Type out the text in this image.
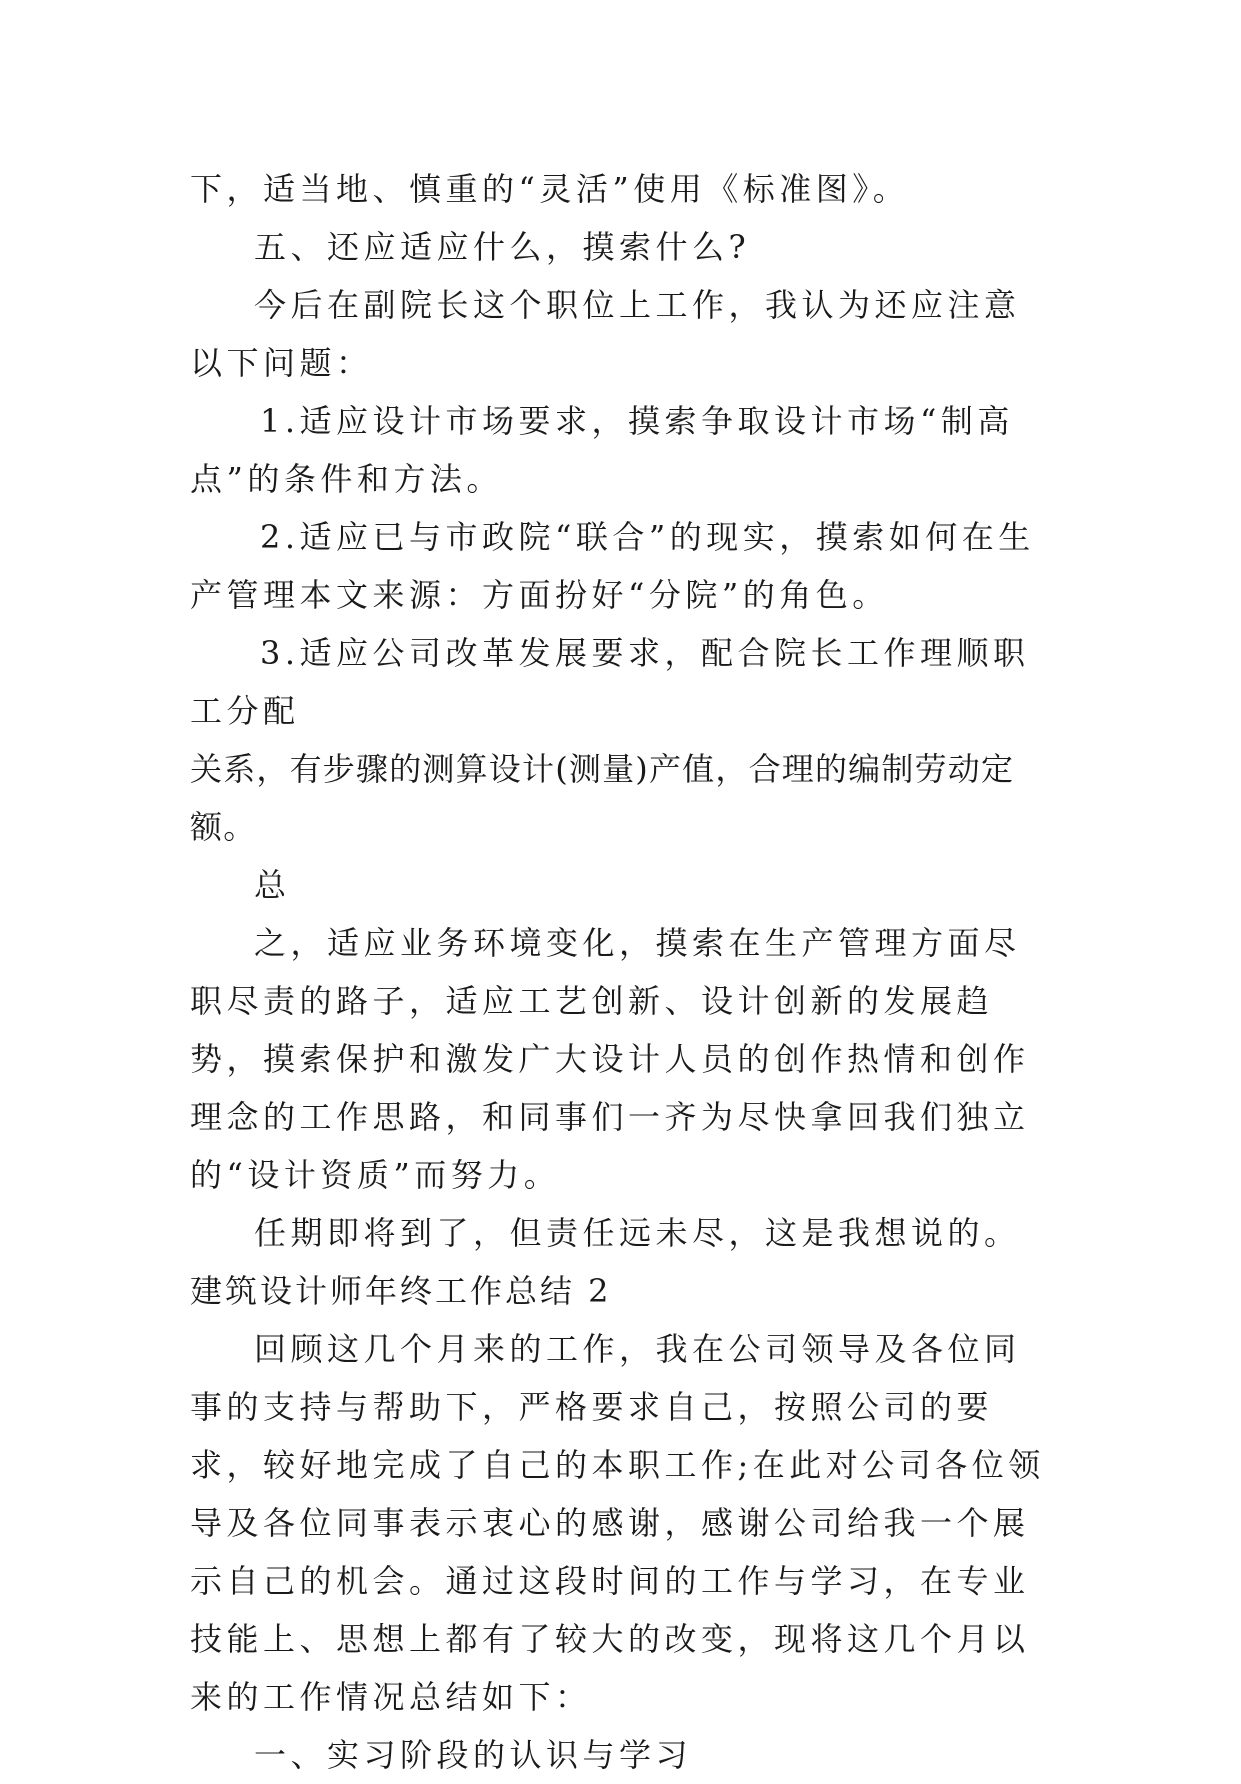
下，适当地、慎重的“灵活”使用《标准图》。

五、还应适应什么，摸索什么?

今后在副院长这个职位上工作，我认为还应注意以下问题：

1.适应设计市场要求，摸索争取设计市场“制高点”的条件和方法。

2.适应已与市政院“联合”的现实，摸索如何在生产管理本文来源：方面扮好“分院”的角色。

3.适应公司改革发展要求，配合院长工作理顺职工分配

关系，有步骤的测算设计(测量)产值，合理的编制劳动定额。

总

之，适应业务环境变化，摸索在生产管理方面尽职尽责的路子，适应工艺创新、设计创新的发展趋势，摸索保护和激发广大设计人员的创作热情和创作理念的工作思路，和同事们一齐为尽快拿回我们独立的“设计资质”而努力。

任期即将到了，但责任远未尽，这是我想说的。

建筑设计师年终工作总结 2

回顾这几个月来的工作，我在公司领导及各位同事的支持与帮助下，严格要求自己，按照公司的要求，较好地完成了自己的本职工作;在此对公司各位领导及各位同事表示衷心的感谢，感谢公司给我一个展示自己的机会。通过这段时间的工作与学习，在专业技能上、思想上都有了较大的改变，现将这几个月以来的工作情况总结如下：

一、实习阶段的认识与学习
